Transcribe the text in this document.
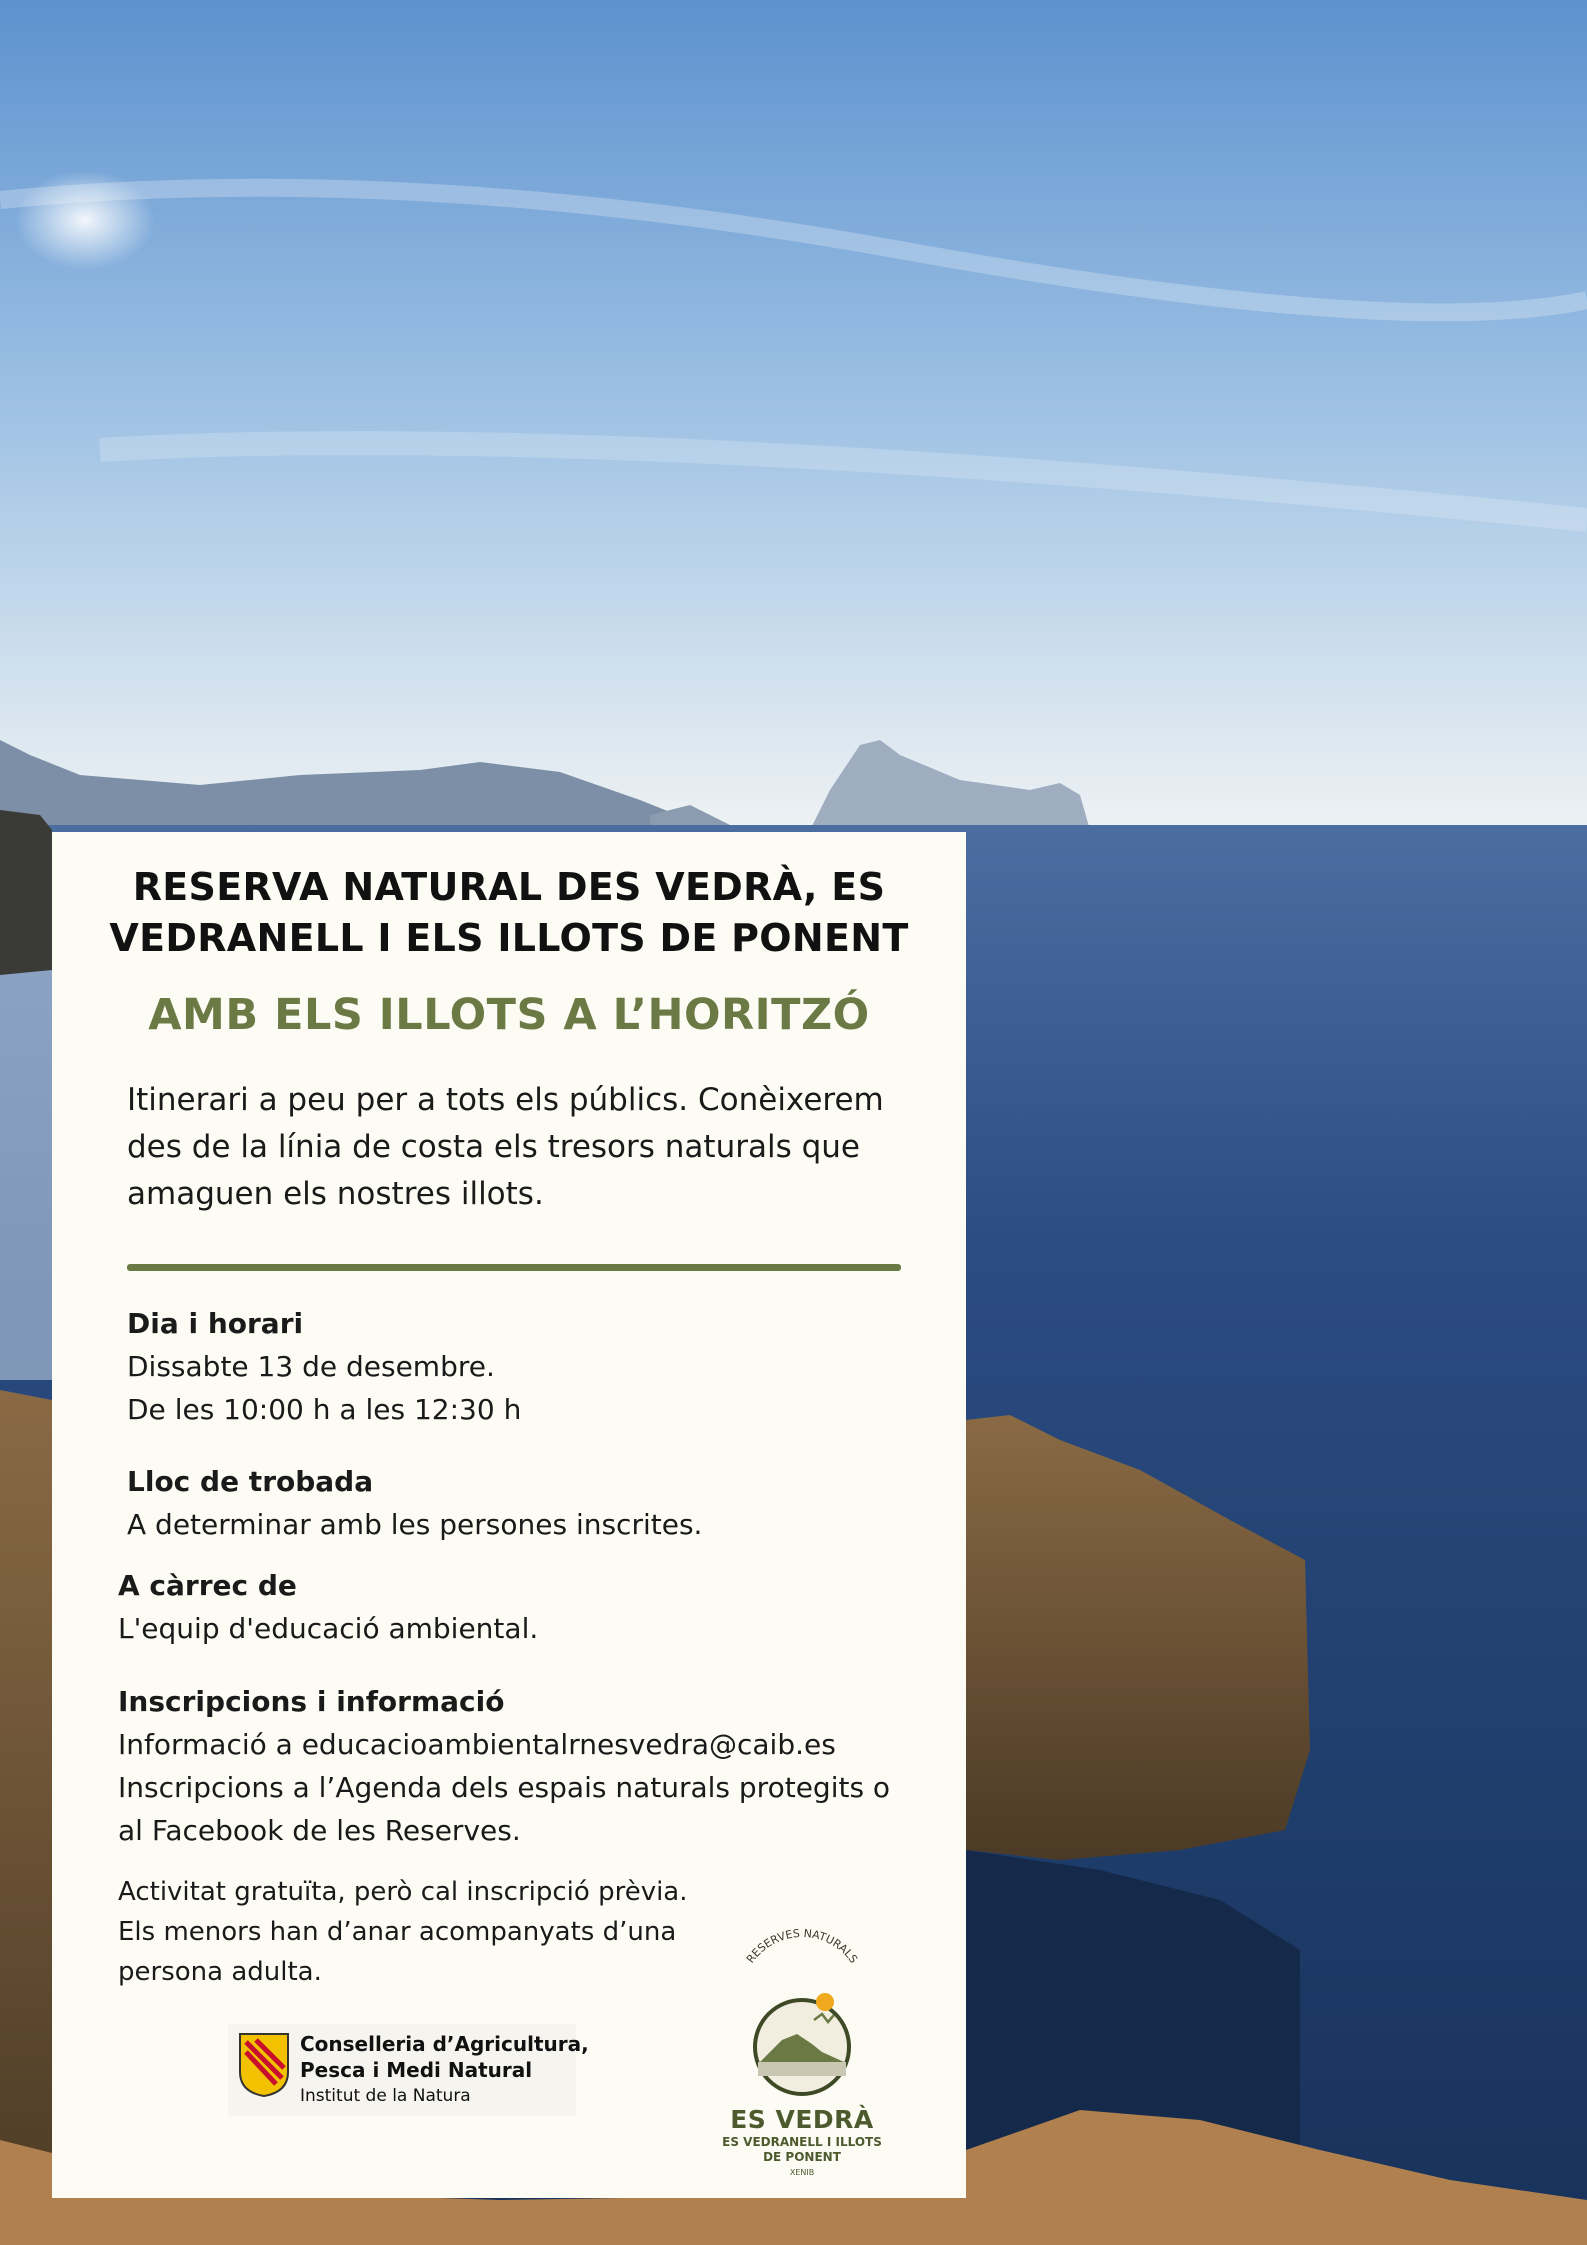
RESERVA NATURAL DES VEDRÀ, ES
VEDRANELL I ELS ILLOTS DE PONENT
AMB ELS ILLOTS A L’HORITZÓ
Itinerari a peu per a tots els públics. Conèixerem
des de la línia de costa els tresors naturals que
amaguen els nostres illots.
Dia i horari
Dissabte 13 de desembre.
De les 10:00 h a les 12:30 h
Lloc de trobada
A determinar amb les persones inscrites.
A càrrec de
L'equip d'educació ambiental.
Inscripcions i informació
Informació a educacioambientalrnesvedra@caib.es
Inscripcions a l’Agenda dels espais naturals protegits o
al Facebook de les Reserves.
Activitat gratuïta, però cal inscripció prèvia.
Els menors han d’anar acompanyats d’una
persona adulta.
Conselleria d’Agricultura,
Pesca i Medi Natural
Institut de la Natura
RESERVES NATURALS
ES VEDRÀ
ES VEDRANELL I ILLOTS
DE PONENT
XENIB
